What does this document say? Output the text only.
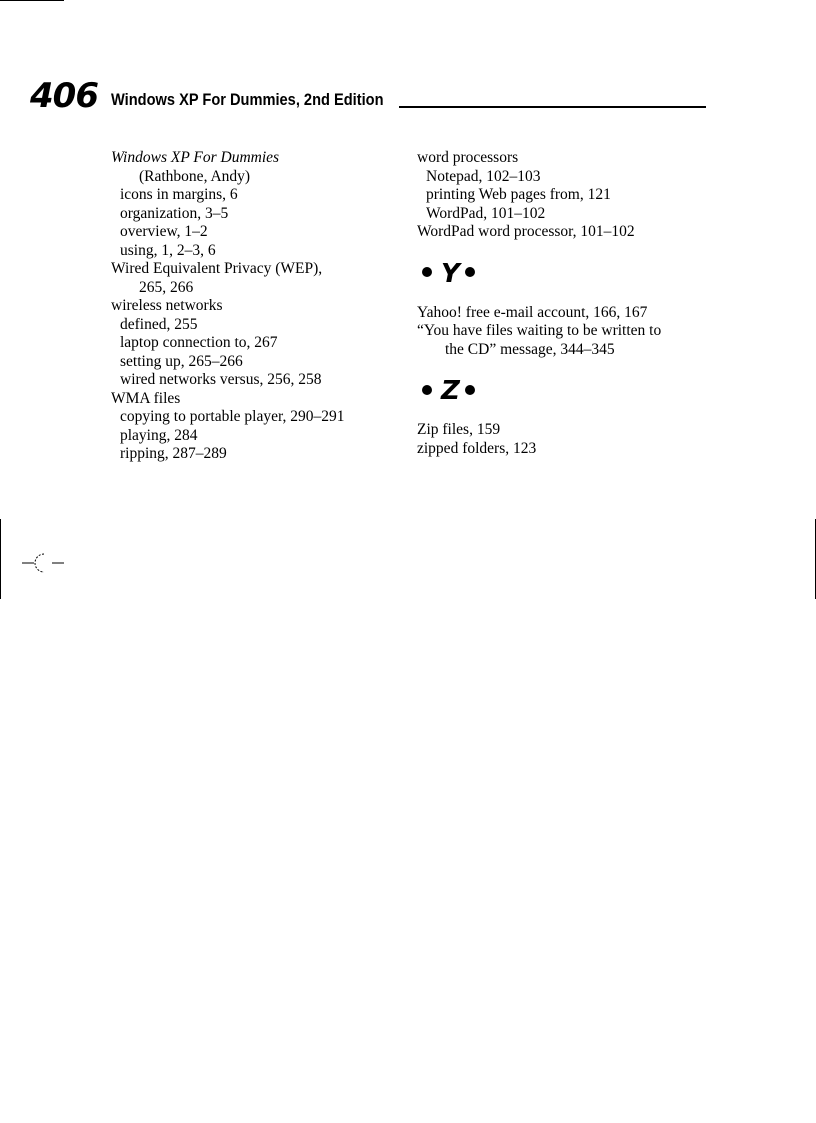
406 Windows XP For Dummies, 2nd Edition
Windows XP For Dummies
(Rathbone, Andy)
icons in margins, 6
organization, 3–5
overview, 1–2
using, 1, 2–3, 6
Wired Equivalent Privacy (WEP),
265, 266
wireless networks
defined, 255
laptop connection to, 267
setting up, 265–266
wired networks versus, 256, 258
WMA files
copying to portable player, 290–291
playing, 284
ripping, 287–289
word processors
Notepad, 102–103
printing Web pages from, 121
WordPad, 101–102
WordPad word processor, 101–102
Y
Yahoo! free e-mail account, 166, 167
“You have files waiting to be written to
the CD” message, 344–345
Z
Zip files, 159
zipped folders, 123
